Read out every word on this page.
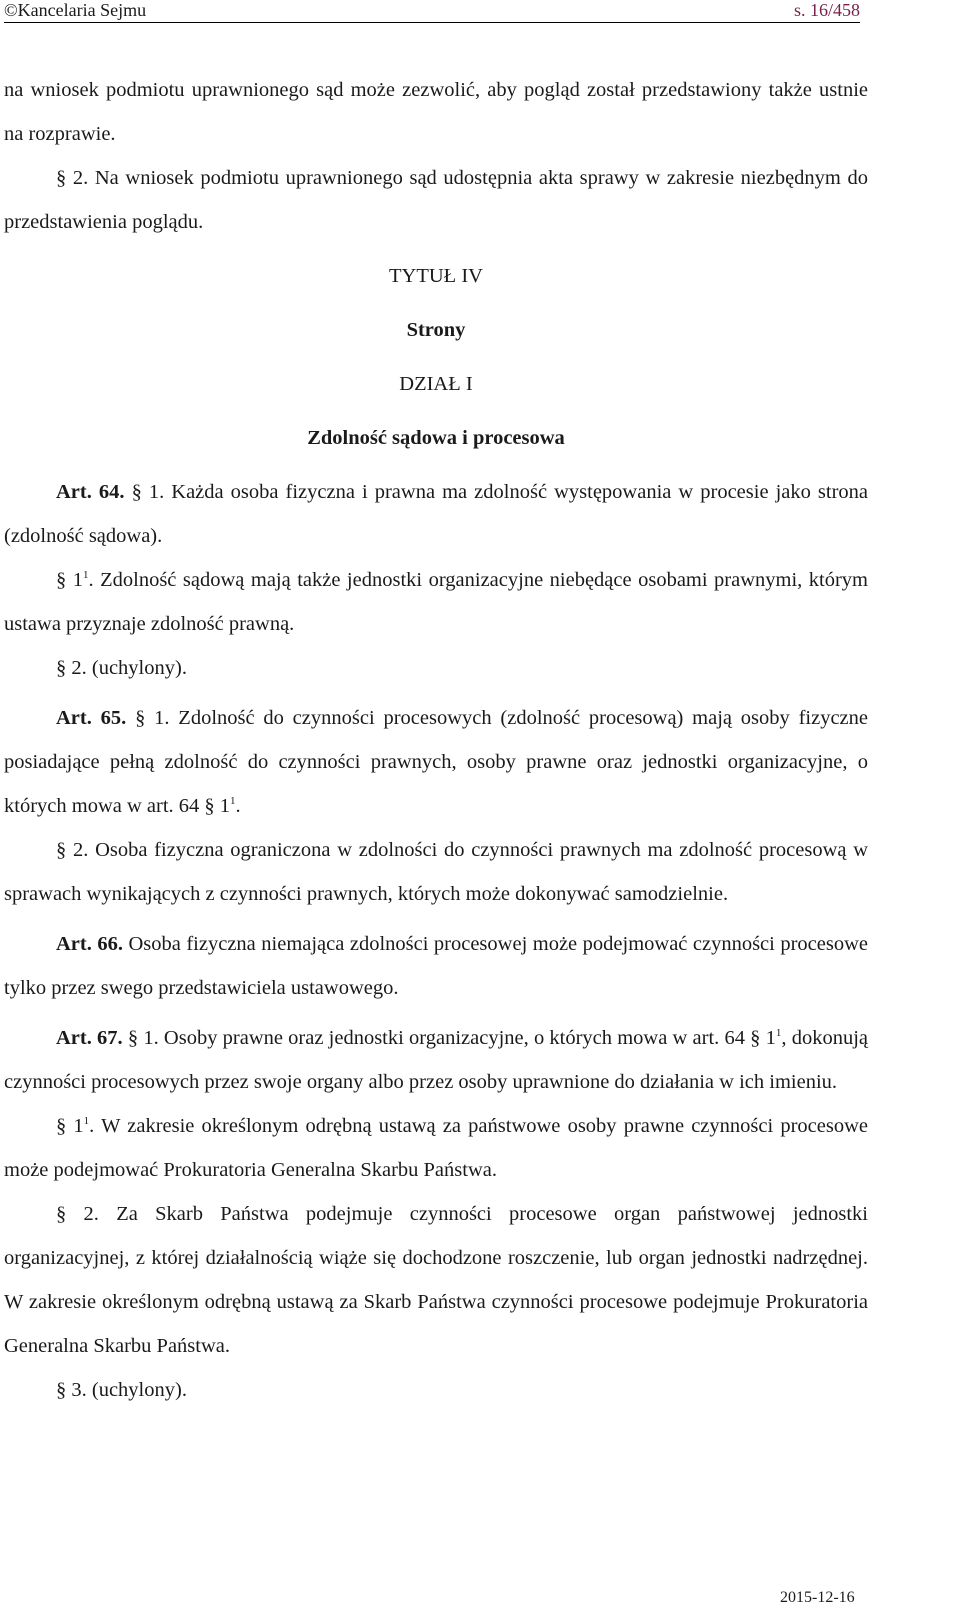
©Kancelaria Sejmu	s. 16/458

na wniosek podmiotu uprawnionego sąd może zezwolić, aby pogląd został przedstawiony także ustnie na rozprawie.

§ 2. Na wniosek podmiotu uprawnionego sąd udostępnia akta sprawy w zakresie niezbędnym do przedstawienia poglądu.

TYTUŁ IV

Strony

DZIAŁ I

Zdolność sądowa i procesowa

Art. 64. § 1. Każda osoba fizyczna i prawna ma zdolność występowania w procesie jako strona (zdolność sądowa).

§ $1^1$. Zdolność sądową mają także jednostki organizacyjne niebędące osobami prawnymi, którym ustawa przyznaje zdolność prawną.

§ 2. (uchylony).

Art. 65. § 1. Zdolność do czynności procesowych (zdolność procesową) mają osoby fizyczne posiadające pełną zdolność do czynności prawnych, osoby prawne oraz jednostki organizacyjne, o których mowa w art. 64 § $1^1$.

§ 2. Osoba fizyczna ograniczona w zdolności do czynności prawnych ma zdolność procesową w sprawach wynikających z czynności prawnych, których może dokonywać samodzielnie.

Art. 66. Osoba fizyczna niemająca zdolności procesowej może podejmować czynności procesowe tylko przez swego przedstawiciela ustawowego.

Art. 67. § 1. Osoby prawne oraz jednostki organizacyjne, o których mowa w art. 64 § $1^1$, dokonują czynności procesowych przez swoje organy albo przez osoby uprawnione do działania w ich imieniu.

§ $1^1$. W zakresie określonym odrębną ustawą za państwowe osoby prawne czynności procesowe może podejmować Prokuratoria Generalna Skarbu Państwa.

§ 2. Za Skarb Państwa podejmuje czynności procesowe organ państwowej jednostki organizacyjnej, z której działalnością wiąże się dochodzone roszczenie, lub organ jednostki nadrzędnej. W zakresie określonym odrębną ustawą za Skarb Państwa czynności procesowe podejmuje Prokuratoria Generalna Skarbu Państwa.

§ 3. (uchylony).

2015-12-16
